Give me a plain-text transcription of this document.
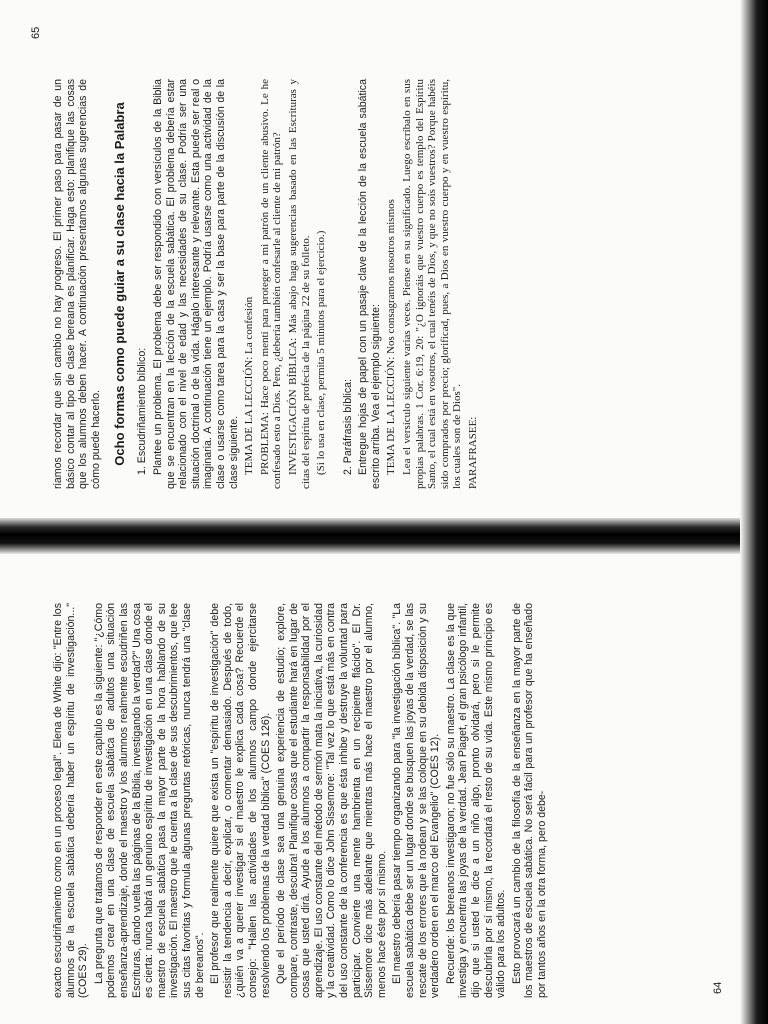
exacto escudriñamiento como en un proceso legal". Elena de White dijo: "Entre los alumnos de la escuela sabática debería haber un espíritu de investigación..." (COES 29). La pregunta que tratamos de responder en este capítulo es la siguiente: "¿Cómo podemos crear en una clase de escuela sabática de adultos una situación enseñanza-aprendizaje, donde el maestro y los alumnos realmente escudriñen las Escrituras, dando vuelta las páginas de la Biblia, investigando la verdad?" Una cosa es cierta: nunca habrá un genuino espíritu de investigación en una clase donde el maestro de escuela sabática pasa la mayor parte de la hora hablando de su investigación. El maestro que le cuenta a la clase de sus descubrimientos, que lee sus citas favoritas y formula algunas preguntas retóricas, nunca tendrá una "clase de bereanos". El profesor que realmente quiere que exista un "espíritu de investigación" debe resistir la tendencia a decir, explicar, o comentar demasiado. Después de todo, ¿quién va a querer investigar si el maestro le explica cada cosa? Recuerde el consejo: "Hallen las actividades de los alumnos campo donde ejercitarse resolviendo los problemas de la verdad bíblica" (COES 126). Que el período de clase sea una genuina experiencia de estudio; explore, compare, contraste, descubra! Planifique cosas que el estudiante hará en lugar de cosas que usted dirá. Ayude a los alumnos a compartir la responsabilidad por el aprendizaje. El uso constante del método de sermón mata la iniciativa, la curiosidad y la creatividad. Como lo dice John Sissemore: "Tal vez lo que está más en contra del uso constante de la conferencia es que ésta inhibe y destruye la voluntad para participar. Convierte una mente hambrienta en un recipiente flácido". El Dr. Sissemore dice más adelante que mientras más hace el maestro por el alumno, menos hace éste por sí mismo. El maestro debería pasar tiempo organizando para "la investigación bíblica". "La escuela sabática debe ser un lugar donde se busquen las joyas de la verdad, se las rescate de los errores que la rodean y se las coloque en su debida disposición y su verdadero orden en el marco del Evangelio" (COES 12). Recuerde: los bereanos investigaron; no fue sólo su maestro. La clase es la que investiga y encuentra las joyas de la verdad. Jean Piaget, el gran psicólogo infantil, dijo que si usted le dice a un niño algo, pronto olvidará, pero si le permite descubrirla por sí mismo, la recordará el resto de su vida. Este mismo principio es válido para los adultos. Esto provocará un cambio de la filosofía de la enseñanza en la mayor parte de los maestros de escuela sabática. No será fácil para un profesor que ha enseñado por tantos años en la otra forma, pero debe-	64

riamos recordar que sin cambio no hay progreso. El primer paso para pasar de un básico contar al tipo de clase bereana es planificar. Haga esto: planifique las cosas que los alumnos deben hacer. A continuación presentamos algunas sugerencias de cómo puede hacerlo. Ocho formas como puede guiar a su clase hacia la Palabra 1. Escudriñamiento bíblico: Plantee un problema. El problema debe ser respondido con versículos de la Biblia que se encuentran en la lección de la escuela sabática. El problema debería estar relacionado con el nivel de edad y las necesidades de su clase. Podría ser una situación doctrinal o de la vida. Hágalo interesante y relevante. Esta puede ser real o imaginaria. A continuación tiene un ejemplo. Podría usarse como una actividad de la clase o usarse como tarea para la casa y ser la base para parte de la discusión de la clase siguiente. TEMA DE LA LECCIÓN: La confesión PROBLEMA: Hace poco mentí para proteger a mi patrón de un cliente abusivo. Le he confesado esto a Dios. Pero, ¿debería también confesarle al cliente de mi patrón? INVESTIGACIÓN BÍBLICA: Más abajo haga sugerencias basado en las Escrituras y citas del espíritu de profecía de la página 22 de su folleto. (Si lo usa en clase, permita 5 minutos para el ejercicio.) 2. Paráfrasis bíblica: Entregue hojas de papel con un pasaje clave de la lección de la escuela sabática escrito arriba. Vea el ejemplo siguiente: TEMA DE LA LECCIÓN: Nos consagramos nosotros mismos Lea el versículo siguiente varias veces. Piense en su significado. Luego escríbalo en sus propias palabras. 1 Cor. 6:19, 20: "¿O ignoráis que vuestro cuerpo es templo del Espíritu Santo, el cual está en vosotros, el cual tenéis de Dios, y que no sois vuestros? Porque habéis sido comprados por precio; glorificad, pues, a Dios en vuestro cuerpo y en vuestro espíritu, los cuales son de Dios". PARAFRASEE:

65
